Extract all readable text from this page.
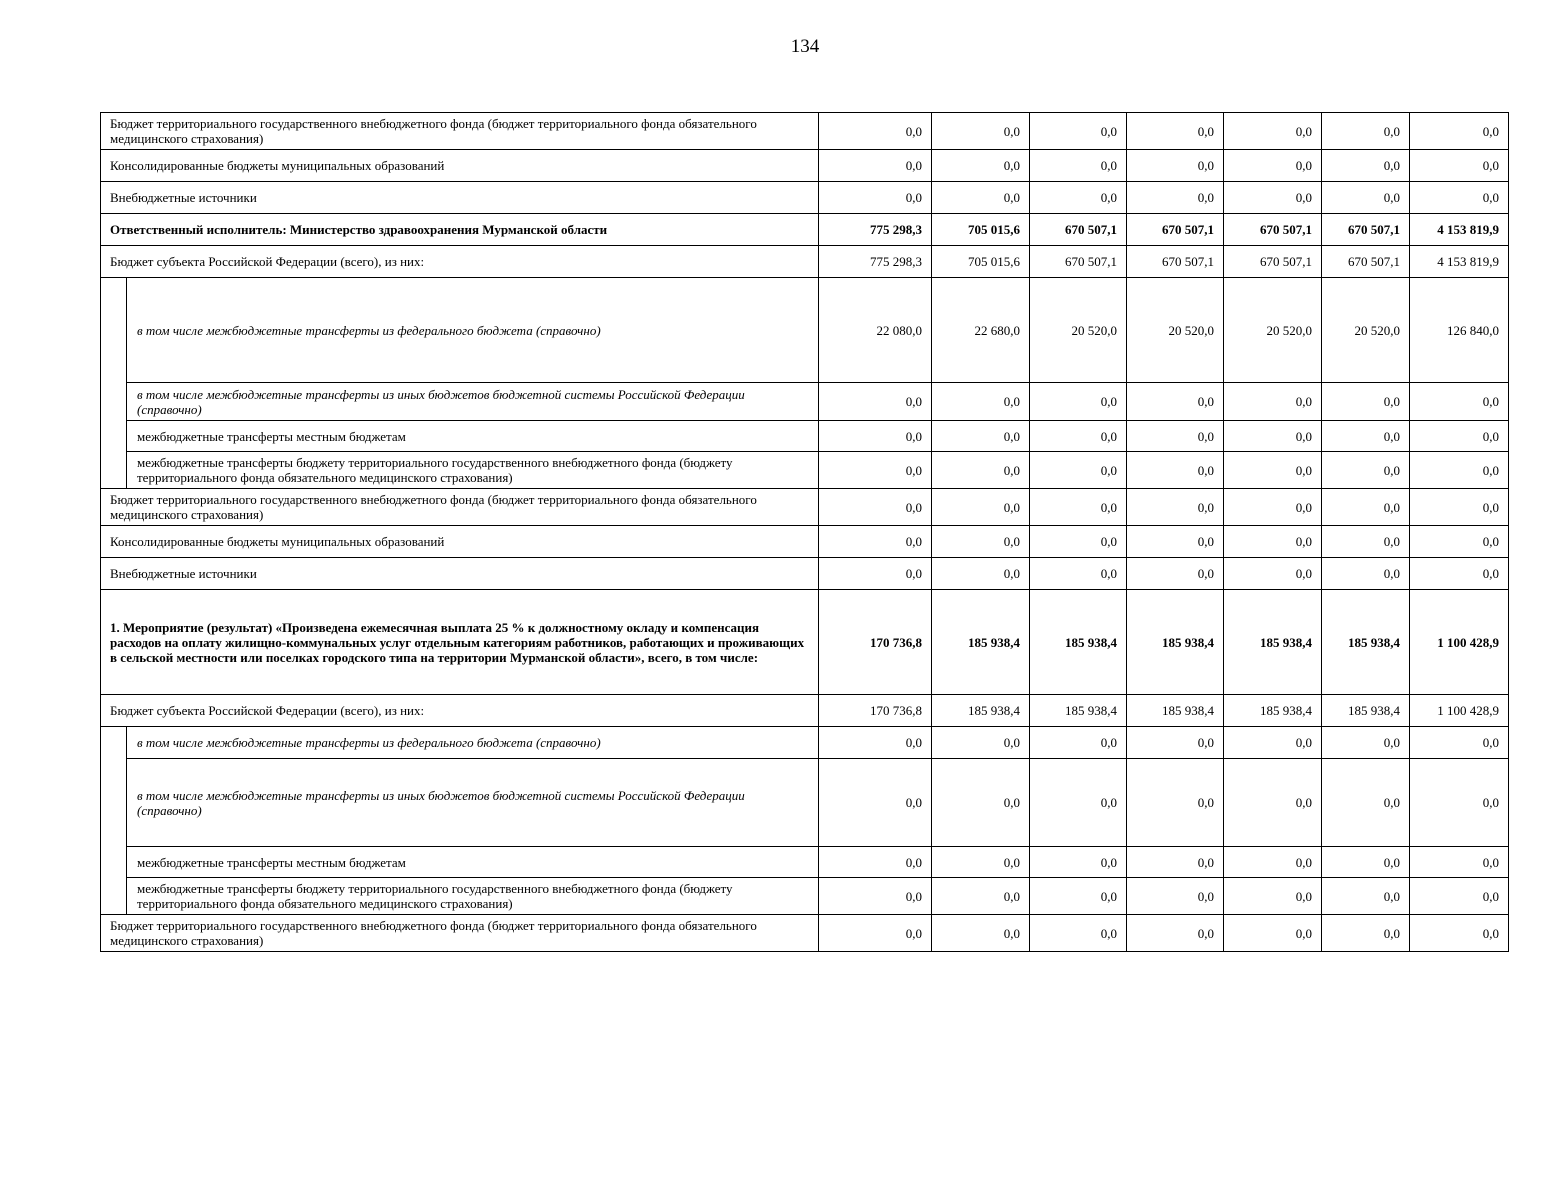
134
Бюджет территориального государственного внебюджетного фонда (бюджет территориального фонда обязательного медицинского страхования)		0,0	0,0	0,0	0,0	0,0	0,0	0,0
Консолидированные бюджеты муниципальных образований		0,0	0,0	0,0	0,0	0,0	0,0	0,0
Внебюджетные источники		0,0	0,0	0,0	0,0	0,0	0,0	0,0
Ответственный исполнитель: Министерство здравоохранения Мурманской области		775 298,3	705 015,6	670 507,1	670 507,1	670 507,1	670 507,1	4 153 819,9
Бюджет субъекта Российской Федерации (всего), из них:		775 298,3	705 015,6	670 507,1	670 507,1	670 507,1	670 507,1	4 153 819,9
	в том числе межбюджетные трансферты из федерального бюджета (справочно)	22 080,0	22 680,0	20 520,0	20 520,0	20 520,0	20 520,0	126 840,0
	в том числе межбюджетные трансферты из иных бюджетов бюджетной системы Российской Федерации (справочно)	0,0	0,0	0,0	0,0	0,0	0,0	0,0
	межбюджетные трансферты местным бюджетам	0,0	0,0	0,0	0,0	0,0	0,0	0,0
	межбюджетные трансферты бюджету территориального государственного внебюджетного фонда (бюджету территориального фонда обязательного медицинского страхования)	0,0	0,0	0,0	0,0	0,0	0,0	0,0
Бюджет территориального государственного внебюджетного фонда (бюджет территориального фонда обязательного медицинского страхования)		0,0	0,0	0,0	0,0	0,0	0,0	0,0
Консолидированные бюджеты муниципальных образований		0,0	0,0	0,0	0,0	0,0	0,0	0,0
Внебюджетные источники		0,0	0,0	0,0	0,0	0,0	0,0	0,0
1. Мероприятие (результат) «Произведена ежемесячная выплата 25 % к должностному окладу и компенсация расходов на оплату жилищно-коммунальных услуг отдельным категориям работников, работающих и проживающих в сельской местности или поселках городского типа на территории Мурманской области», всего, в том числе:		170 736,8	185 938,4	185 938,4	185 938,4	185 938,4	185 938,4	1 100 428,9
Бюджет субъекта Российской Федерации (всего), из них:		170 736,8	185 938,4	185 938,4	185 938,4	185 938,4	185 938,4	1 100 428,9
	в том числе межбюджетные трансферты из федерального бюджета (справочно)	0,0	0,0	0,0	0,0	0,0	0,0	0,0
	в том числе межбюджетные трансферты из иных бюджетов бюджетной системы Российской Федерации (справочно)	0,0	0,0	0,0	0,0	0,0	0,0	0,0
	межбюджетные трансферты местным бюджетам	0,0	0,0	0,0	0,0	0,0	0,0	0,0
	межбюджетные трансферты бюджету территориального государственного внебюджетного фонда (бюджету территориального фонда обязательного медицинского страхования)	0,0	0,0	0,0	0,0	0,0	0,0	0,0
Бюджет территориального государственного внебюджетного фонда (бюджет территориального фонда обязательного медицинского страхования)		0,0	0,0	0,0	0,0	0,0	0,0	0,0
